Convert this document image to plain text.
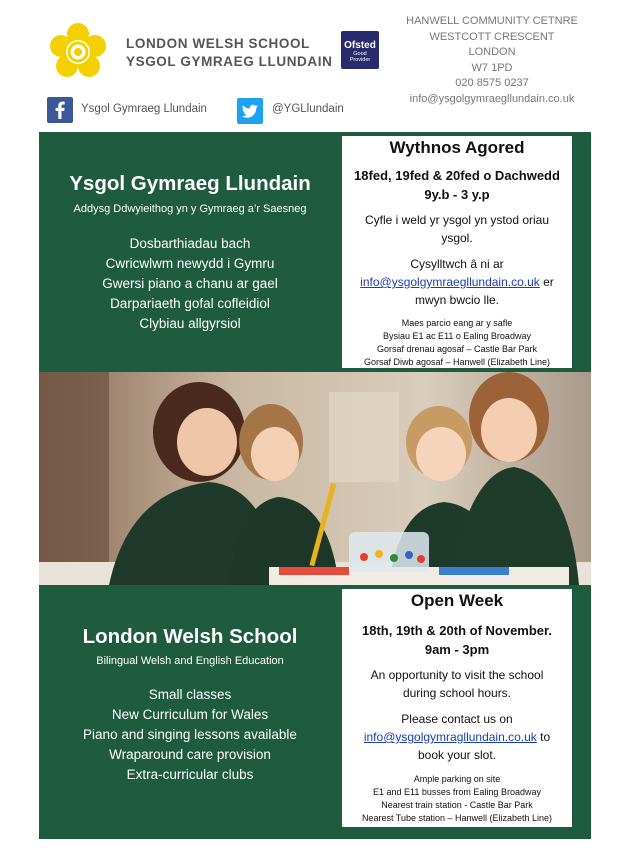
LONDON WELSH SCHOOL
YSGOL GYMRAEG LLUNDAIN
Ofsted
Good
Provider
HANWELL COMMUNITY CETNRE
WESTCOTT CRESCENT
LONDON
W7 1PD
020 8575 0237
info@ysgolgymraegllundain.co.uk
Ysgol Gymraeg Llundain	@YGLlundain
Ysgol Gymraeg Llundain
Addysg Ddwyieithog yn y Gymraeg a’r Saesneg
Dosbarthiadau bach
Cwricwlwm newydd i Gymru
Gwersi piano a chanu ar gael
Darpariaeth gofal cofleidiol
Clybiau allgyrsiol
Wythnos Agored
18fed, 19fed & 20fed o Dachwedd
9y.b - 3 y.p
Cyfle i weld yr ysgol yn ystod oriau
ysgol.
Cysylltwch â ni ar
info@ysgolgymraegllundain.co.uk er
mwyn bwcio lle.
Maes parcio eang ar y safle
Bysiau E1 ac E11 o Ealing Broadway
Gorsaf drenau agosaf – Castle Bar Park
Gorsaf Diwb agosaf – Hanwell (Elizabeth Line)
London Welsh School
Bilingual Welsh and English Education
Small classes
New Curriculum for Wales
Piano and singing lessons available
Wraparound care provision
Extra-curricular clubs
Open Week
18th, 19th & 20th of November.
9am - 3pm
An opportunity to visit the school
during school hours.
Please contact us on
info@ysgolgymragllundain.co.uk to
book your slot.
Ample parking on site
E1 and E11 busses from Ealing Broadway
Nearest train station - Castle Bar Park
Nearest Tube station – Hanwell (Elizabeth Line)
